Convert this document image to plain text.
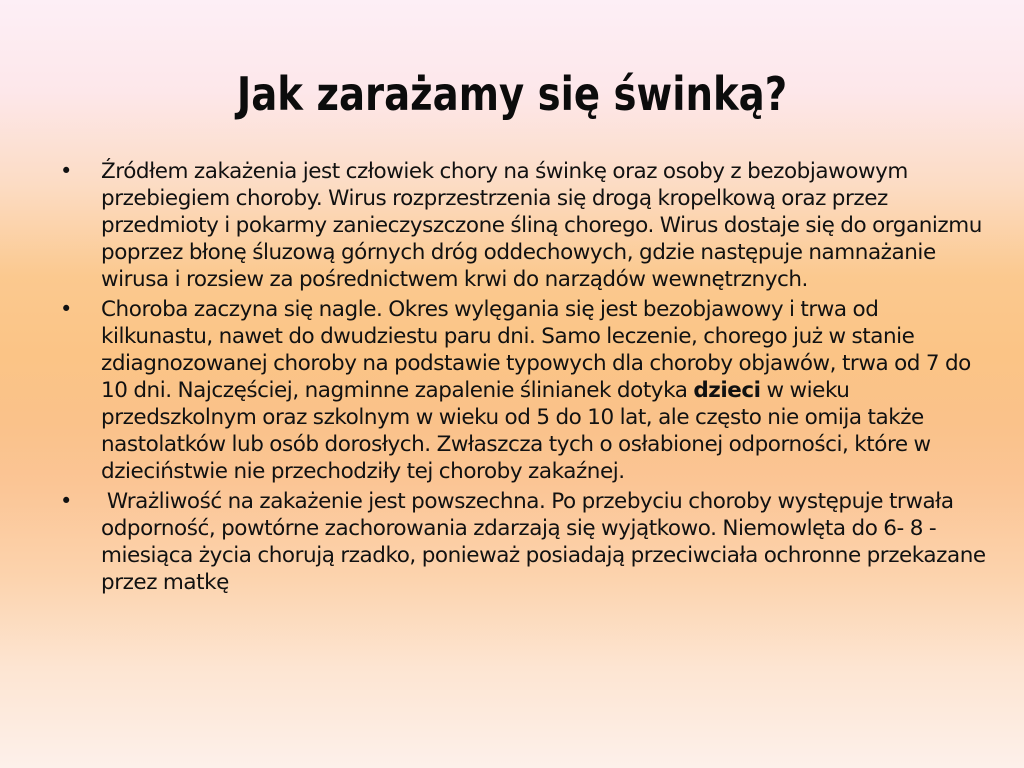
Jak zarażamy się świnką?
•	Źródłem zakażenia jest człowiek chory na świnkę oraz osoby z bezobjawowym przebiegiem choroby. Wirus rozprzestrzenia się drogą kropelkową oraz przez przedmioty i pokarmy zanieczyszczone śliną chorego. Wirus dostaje się do organizmu poprzez błonę śluzową górnych dróg oddechowych, gdzie następuje namnażanie wirusa i rozsiew za pośrednictwem krwi do narządów wewnętrznych.
•	Choroba zaczyna się nagle. Okres wylęgania się jest bezobjawowy i trwa od kilkunastu, nawet do dwudziestu paru dni. Samo leczenie, chorego już w stanie zdiagnozowanej choroby na podstawie typowych dla choroby objawów, trwa od 7 do 10 dni. Najczęściej, nagminne zapalenie ślinianek dotyka dzieci w wieku przedszkolnym oraz szkolnym w wieku od 5 do 10 lat, ale często nie omija także nastolatków lub osób dorosłych. Zwłaszcza tych o osłabionej odporności, które w dzieciństwie nie przechodziły tej choroby zakaźnej.
•	Wrażliwość na zakażenie jest powszechna. Po przebyciu choroby występuje trwała odporność, powtórne zachorowania zdarzają się wyjątkowo. Niemowlęta do 6- 8 -miesiąca życia chorują rzadko, ponieważ posiadają przeciwciała ochronne przekazane przez matkę
